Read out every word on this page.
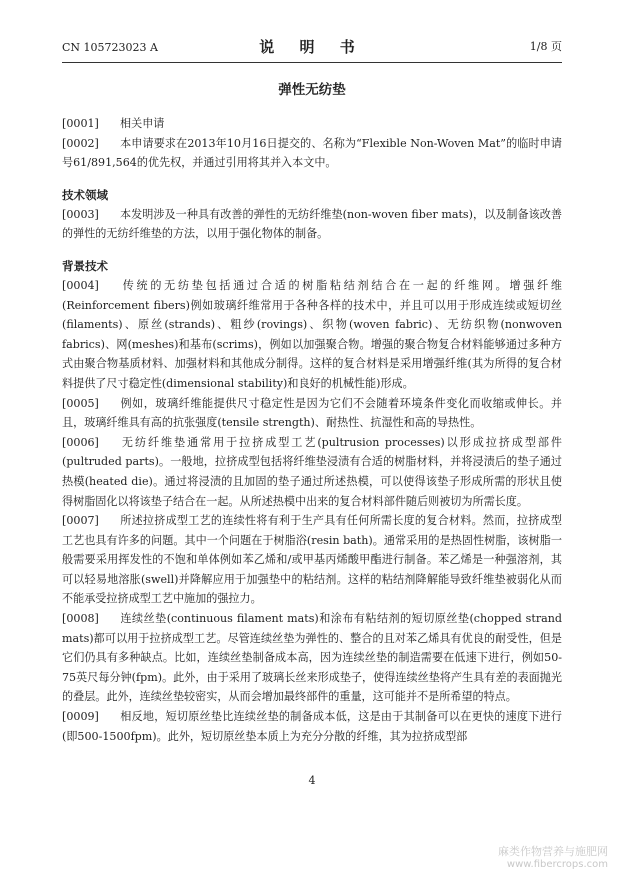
CN 105723023 A	说 明 书	1/8 页
弹性无纺垫

[0001] 相关申请

[0002] 本申请要求在2013年10月16日提交的、名称为“Flexible Non-Woven Mat”的临时申请号61/891,564的优先权，并通过引用将其并入本文中。

技术领域

[0003] 本发明涉及一种具有改善的弹性的无纺纤维垫(non-woven fiber mats)，以及制备该改善的弹性的无纺纤维垫的方法，以用于强化物体的制备。

背景技术

[0004] 传统的无纺垫包括通过合适的树脂粘结剂结合在一起的纤维网。增强纤维(Reinforcement fibers)例如玻璃纤维常用于各种各样的技术中，并且可以用于形成连续或短切丝(filaments)、原丝(strands)、粗纱(rovings)、织物(woven fabric)、无纺织物(nonwoven fabrics)、网(meshes)和基布(scrims)，例如以加强聚合物。增强的聚合物复合材料能够通过多种方式由聚合物基质材料、加强材料和其他成分制得。这样的复合材料是采用增强纤维(其为所得的复合材料提供了尺寸稳定性(dimensional stability)和良好的机械性能)形成。

[0005] 例如，玻璃纤维能提供尺寸稳定性是因为它们不会随着环境条件变化而收缩或伸长。并且，玻璃纤维具有高的抗张强度(tensile strength)、耐热性、抗湿性和高的导热性。

[0006] 无纺纤维垫通常用于拉挤成型工艺(pultrusion processes)以形成拉挤成型部件(pultruded parts)。一般地，拉挤成型包括将纤维垫浸渍有合适的树脂材料，并将浸渍后的垫子通过热模(heated die)。通过将浸渍的且加固的垫子通过所述热模，可以使得该垫子形成所需的形状且使得树脂固化以将该垫子结合在一起。从所述热模中出来的复合材料部件随后则被切为所需长度。

[0007] 所述拉挤成型工艺的连续性将有利于生产具有任何所需长度的复合材料。然而，拉挤成型工艺也具有许多的问题。其中一个问题在于树脂浴(resin bath)。通常采用的是热固性树脂，该树脂一般需要采用挥发性的不饱和单体例如苯乙烯和/或甲基丙烯酸甲酯进行制备。苯乙烯是一种强溶剂，其可以轻易地溶胀(swell)并降解应用于加强垫中的粘结剂。这样的粘结剂降解能导致纤维垫被弱化从而不能承受拉挤成型工艺中施加的强拉力。

[0008] 连续丝垫(continuous filament mats)和涂布有粘结剂的短切原丝垫(chopped strand mats)都可以用于拉挤成型工艺。尽管连续丝垫为弹性的、整合的且对苯乙烯具有优良的耐受性，但是它们仍具有多种缺点。比如，连续丝垫制备成本高，因为连续丝垫的制造需要在低速下进行，例如50-75英尺每分钟(fpm)。此外，由于采用了玻璃长丝来形成垫子，使得连续丝垫将产生具有差的表面抛光的叠层。此外，连续丝垫较密实，从而会增加最终部件的重量，这可能并不是所希望的特点。

[0009] 相反地，短切原丝垫比连续丝垫的制备成本低，这是由于其制备可以在更快的速度下进行(即500-1500fpm)。此外，短切原丝垫本质上为充分分散的纤维，其为拉挤成型部

4
麻类作物营养与施肥网
www.fibercrops.com
